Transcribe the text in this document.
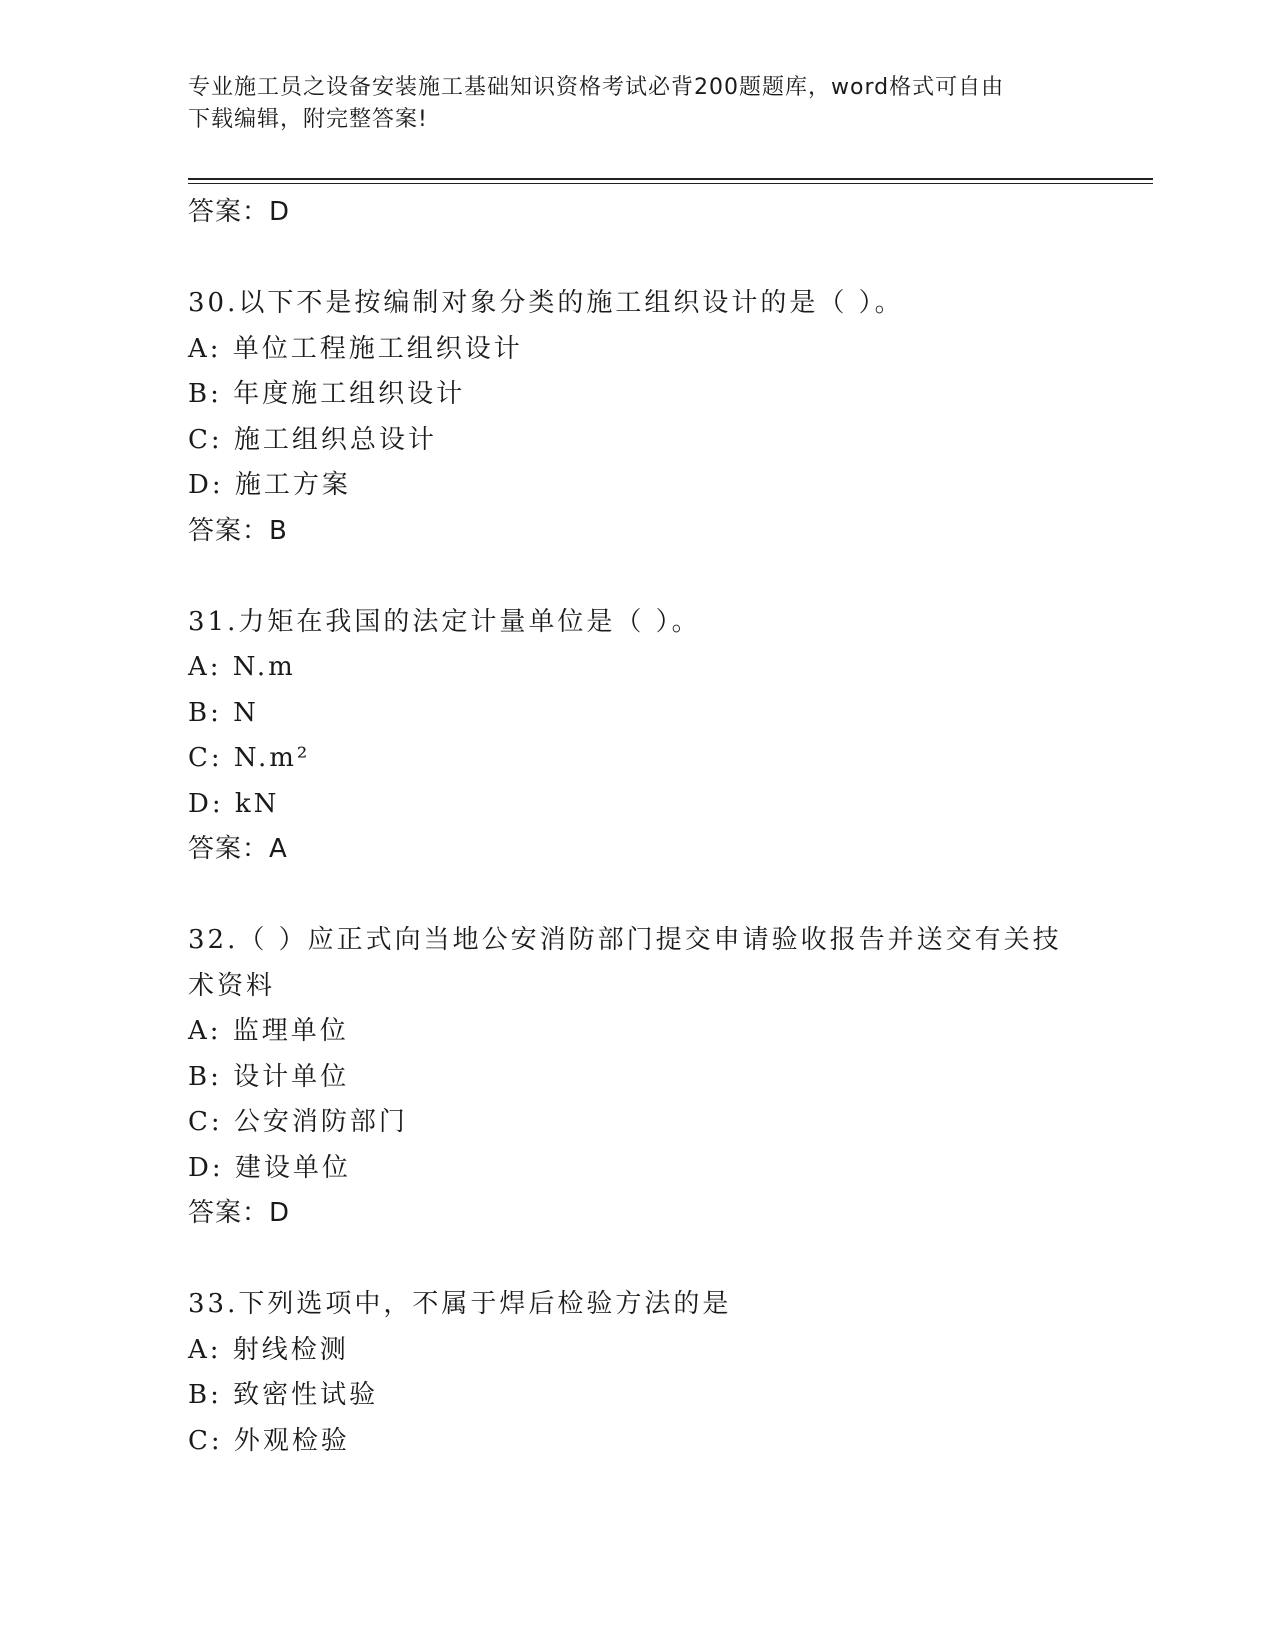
专业施工员之设备安装施工基础知识资格考试必背200题题库，word格式可自由
下载编辑，附完整答案!
答案：D
30.以下不是按编制对象分类的施工组织设计的是（ ）。
A: 单位工程施工组织设计
B: 年度施工组织设计
C: 施工组织总设计
D: 施工方案
答案：B
31.力矩在我国的法定计量单位是（ ）。
A: N.m
B: N
C: N.m²
D: kN
答案：A
32.（ ）应正式向当地公安消防部门提交申请验收报告并送交有关技
术资料
A: 监理单位
B: 设计单位
C: 公安消防部门
D: 建设单位
答案：D
33.下列选项中，不属于焊后检验方法的是
A: 射线检测
B: 致密性试验
C: 外观检验
